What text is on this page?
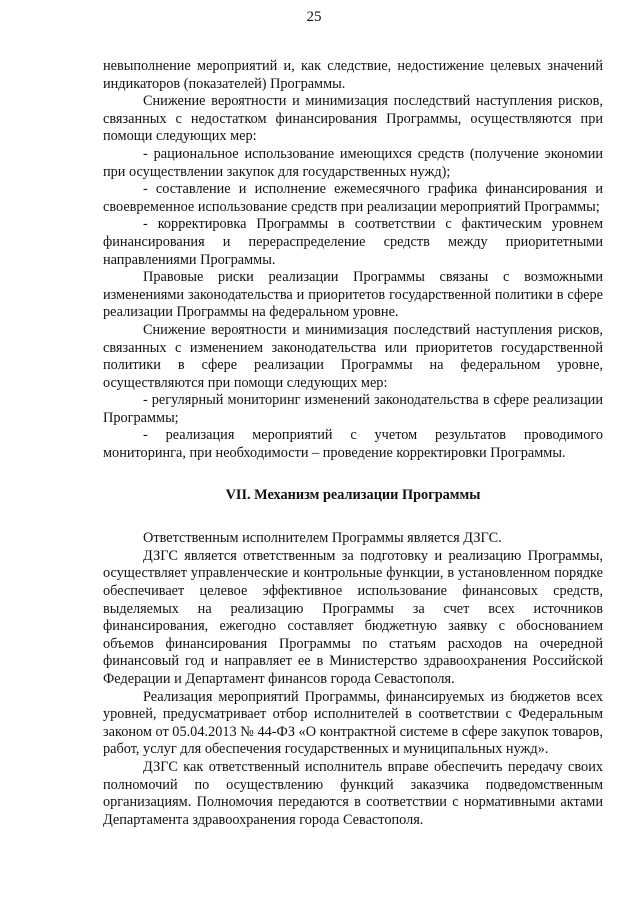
25

невыполнение мероприятий и, как следствие, недостижение целевых значений индикаторов (показателей) Программы.

Снижение вероятности и минимизация последствий наступления рисков, связанных с недостатком финансирования Программы, осуществляются при помощи следующих мер:

- рациональное использование имеющихся средств (получение экономии при осуществлении закупок для государственных нужд);

- составление и исполнение ежемесячного графика финансирования и своевременное использование средств при реализации мероприятий Программы;

- корректировка Программы в соответствии с фактическим уровнем финансирования и перераспределение средств между приоритетными направлениями Программы.

Правовые риски реализации Программы связаны с возможными изменениями законодательства и приоритетов государственной политики в сфере реализации Программы на федеральном уровне.

Снижение вероятности и минимизация последствий наступления рисков, связанных с изменением законодательства или приоритетов государственной политики в сфере реализации Программы на федеральном уровне, осуществляются при помощи следующих мер:

- регулярный мониторинг изменений законодательства в сфере реализации Программы;

- реализация мероприятий с учетом результатов проводимого мониторинга, при необходимости – проведение корректировки Программы.

VII. Механизм реализации Программы

Ответственным исполнителем Программы является ДЗГС.

ДЗГС является ответственным за подготовку и реализацию Программы, осуществляет управленческие и контрольные функции, в установленном порядке обеспечивает целевое эффективное использование финансовых средств, выделяемых на реализацию Программы за счет всех источников финансирования, ежегодно составляет бюджетную заявку с обоснованием объемов финансирования Программы по статьям расходов на очередной финансовый год и направляет ее в Министерство здравоохранения Российской Федерации и Департамент финансов города Севастополя.

Реализация мероприятий Программы, финансируемых из бюджетов всех уровней, предусматривает отбор исполнителей в соответствии с Федеральным законом от 05.04.2013 № 44-ФЗ «О контрактной системе в сфере закупок товаров, работ, услуг для обеспечения государственных и муниципальных нужд».

ДЗГС как ответственный исполнитель вправе обеспечить передачу своих полномочий по осуществлению функций заказчика подведомственным организациям. Полномочия передаются в соответствии с нормативными актами Департамента здравоохранения города Севастополя.
